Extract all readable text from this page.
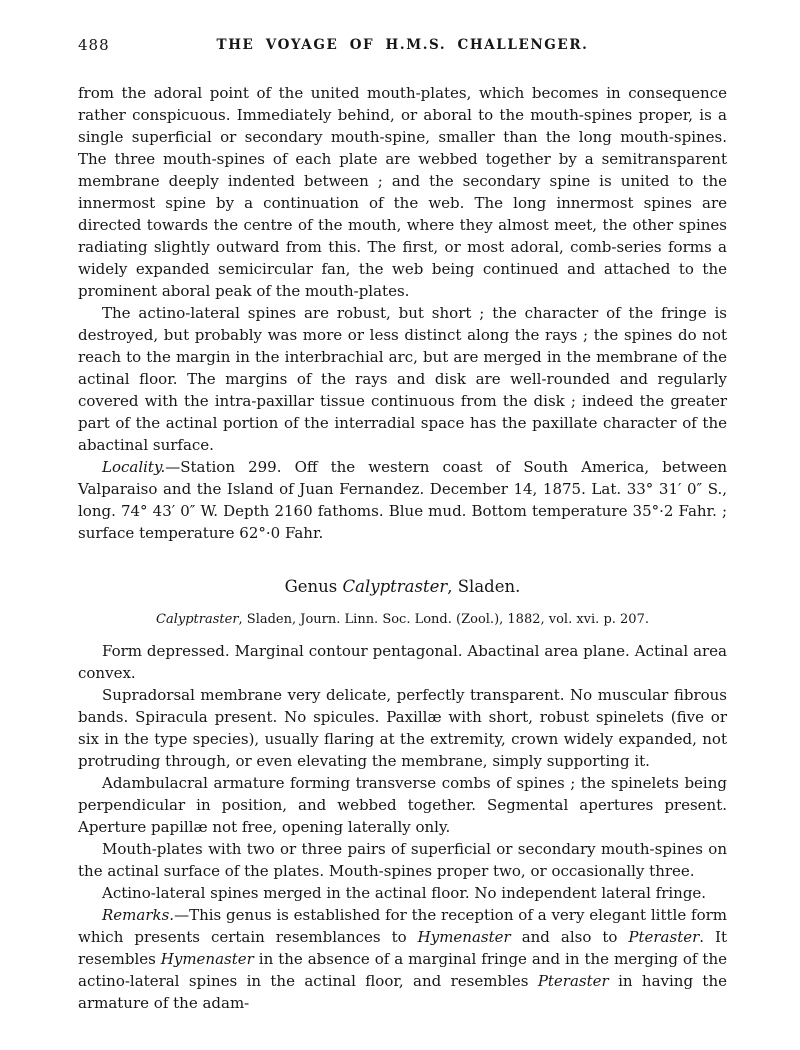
488	THE VOYAGE OF H.M.S. CHALLENGER.

from the adoral point of the united mouth-plates, which becomes in consequence rather conspicuous. Immediately behind, or aboral to the mouth-spines proper, is a single superficial or secondary mouth-spine, smaller than the long mouth-spines. The three mouth-spines of each plate are webbed together by a semitransparent membrane deeply indented between ; and the secondary spine is united to the innermost spine by a continuation of the web. The long innermost spines are directed towards the centre of the mouth, where they almost meet, the other spines radiating slightly outward from this. The first, or most adoral, comb-series forms a widely expanded semicircular fan, the web being continued and attached to the prominent aboral peak of the mouth-plates.

The actino-lateral spines are robust, but short ; the character of the fringe is destroyed, but probably was more or less distinct along the rays ; the spines do not reach to the margin in the interbrachial arc, but are merged in the membrane of the actinal floor. The margins of the rays and disk are well-rounded and regularly covered with the intra-paxillar tissue continuous from the disk ; indeed the greater part of the actinal portion of the interradial space has the paxillate character of the abactinal surface.

Locality.—Station 299. Off the western coast of South America, between Valparaiso and the Island of Juan Fernandez. December 14, 1875. Lat. 33° 31′ 0″ S., long. 74° 43′ 0″ W. Depth 2160 fathoms. Blue mud. Bottom temperature 35°·2 Fahr. ; surface temperature 62°·0 Fahr.

Genus Calyptraster, Sladen.

Calyptraster, Sladen, Journ. Linn. Soc. Lond. (Zool.), 1882, vol. xvi. p. 207.

Form depressed. Marginal contour pentagonal. Abactinal area plane. Actinal area convex.

Supradorsal membrane very delicate, perfectly transparent. No muscular fibrous bands. Spiracula present. No spicules. Paxillæ with short, robust spinelets (five or six in the type species), usually flaring at the extremity, crown widely expanded, not protruding through, or even elevating the membrane, simply supporting it.

Adambulacral armature forming transverse combs of spines ; the spinelets being perpendicular in position, and webbed together. Segmental apertures present. Aperture papillæ not free, opening laterally only.

Mouth-plates with two or three pairs of superficial or secondary mouth-spines on the actinal surface of the plates. Mouth-spines proper two, or occasionally three.

Actino-lateral spines merged in the actinal floor. No independent lateral fringe.

Remarks.—This genus is established for the reception of a very elegant little form which presents certain resemblances to Hymenaster and also to Pteraster. It resembles Hymenaster in the absence of a marginal fringe and in the merging of the actino-lateral spines in the actinal floor, and resembles Pteraster in having the armature of the adam-
